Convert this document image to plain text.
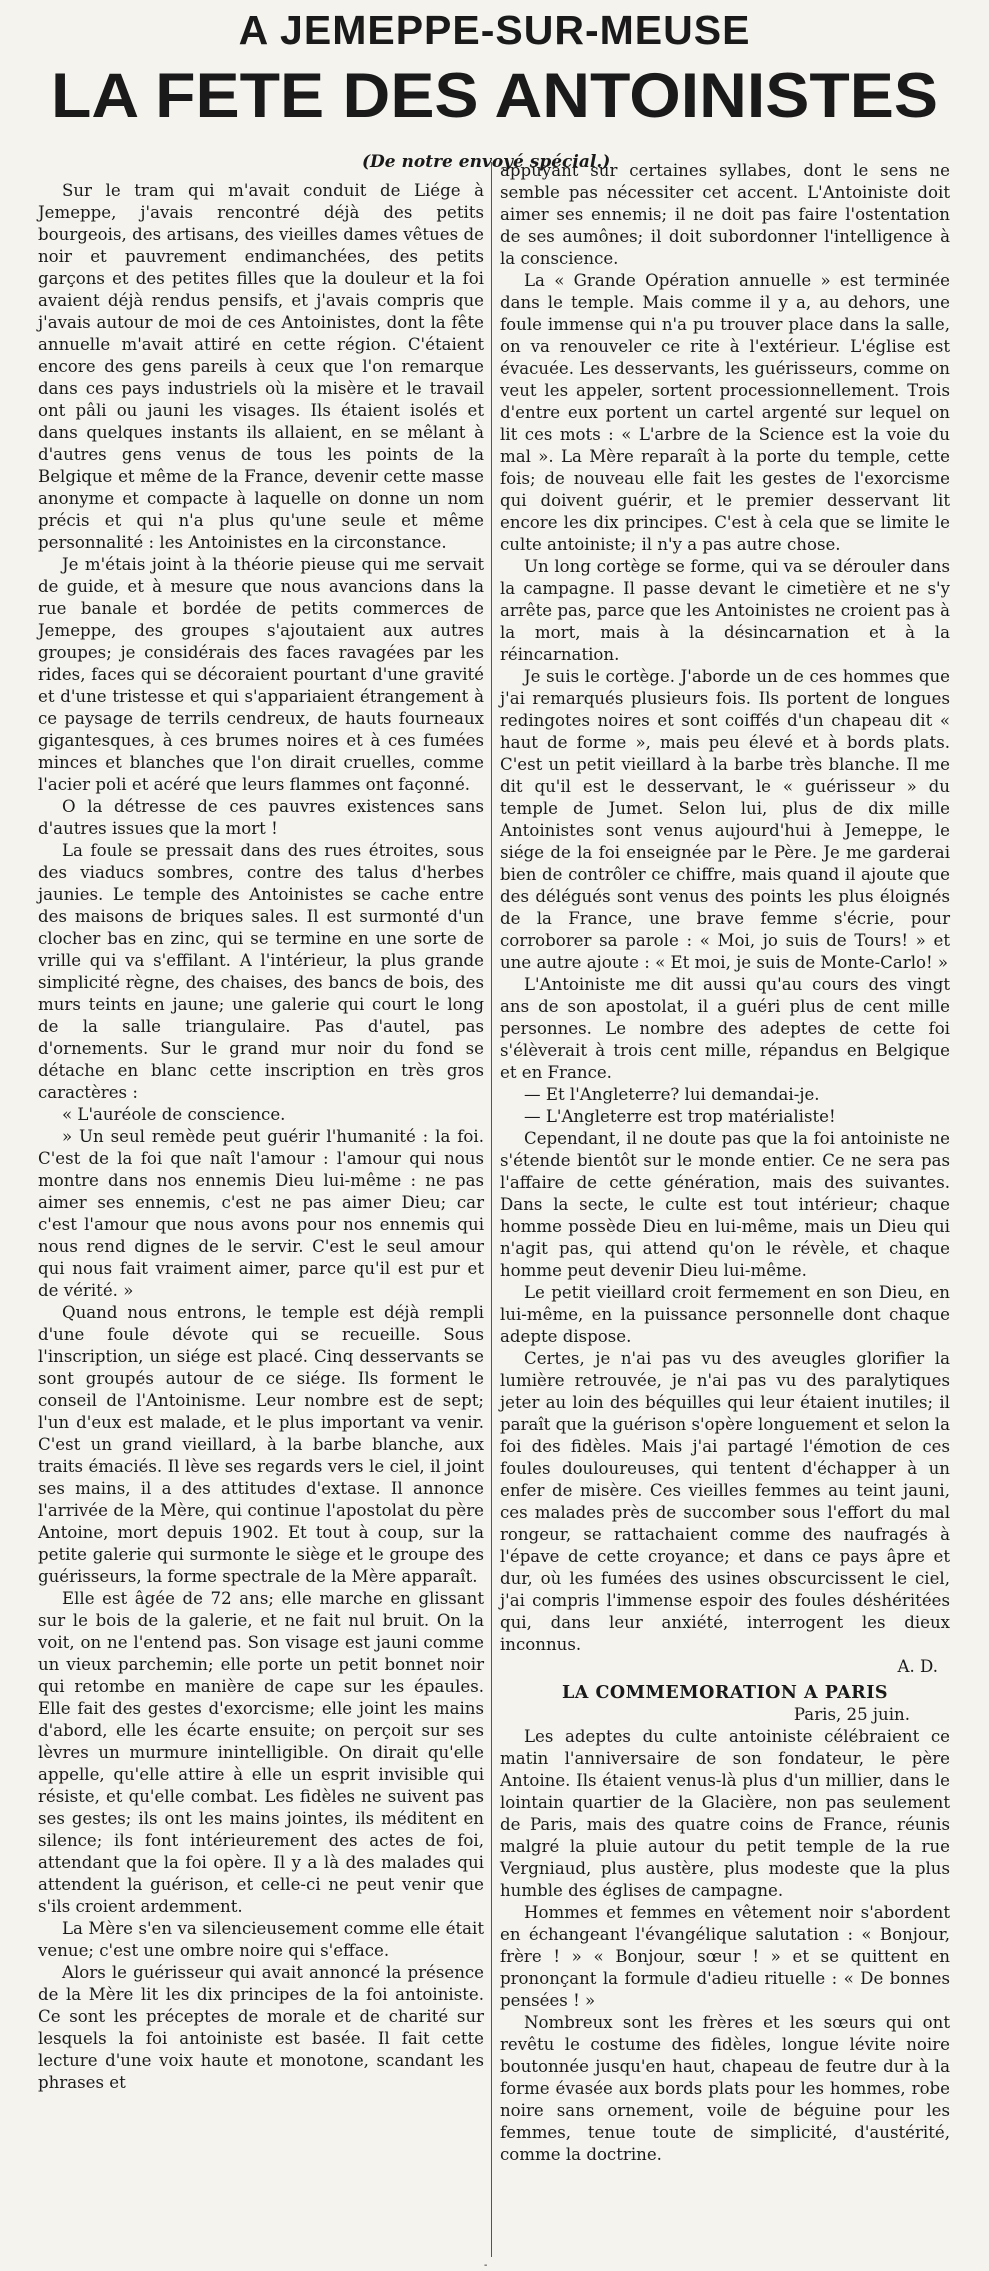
A JEMEPPE-SUR-MEUSE
LA FETE DES ANTOINISTES
(De notre envoyé spécial.)

Sur le tram qui m'avait conduit de Liége à Jemeppe, j'avais rencontré déjà des petits bourgeois, des artisans, des vieilles dames vêtues de noir et pauvrement endimanchées, des petits garçons et des petites filles que la douleur et la foi avaient déjà rendus pensifs, et j'avais compris que j'avais autour de moi de ces Antoinistes, dont la fête annuelle m'avait attiré en cette région. C'étaient encore des gens pareils à ceux que l'on remarque dans ces pays industriels où la misère et le travail ont pâli ou jauni les visages. Ils étaient isolés et dans quelques instants ils allaient, en se mêlant à d'autres gens venus de tous les points de la Belgique et même de la France, devenir cette masse anonyme et compacte à laquelle on donne un nom précis et qui n'a plus qu'une seule et même personnalité : les Antoinistes en la circonstance.

Je m'étais joint à la théorie pieuse qui me servait de guide, et à mesure que nous avancions dans la rue banale et bordée de petits commerces de Jemeppe, des groupes s'ajoutaient aux autres groupes; je considérais des faces ravagées par les rides, faces qui se décoraient pourtant d'une gravité et d'une tristesse et qui s'appariaient étrangement à ce paysage de terrils cendreux, de hauts fourneaux gigantesques, à ces brumes noires et à ces fumées minces et blanches que l'on dirait cruelles, comme l'acier poli et acéré que leurs flammes ont façonné.

O la détresse de ces pauvres existences sans d'autres issues que la mort !

La foule se pressait dans des rues étroites, sous des viaducs sombres, contre des talus d'herbes jaunies. Le temple des Antoinistes se cache entre des maisons de briques sales. Il est surmonté d'un clocher bas en zinc, qui se termine en une sorte de vrille qui va s'effilant. A l'intérieur, la plus grande simplicité règne, des chaises, des bancs de bois, des murs teints en jaune; une galerie qui court le long de la salle triangulaire. Pas d'autel, pas d'ornements. Sur le grand mur noir du fond se détache en blanc cette inscription en très gros caractères :

« L'auréole de conscience.

» Un seul remède peut guérir l'humanité : la foi. C'est de la foi que naît l'amour : l'amour qui nous montre dans nos ennemis Dieu lui-même : ne pas aimer ses ennemis, c'est ne pas aimer Dieu; car c'est l'amour que nous avons pour nos ennemis qui nous rend dignes de le servir. C'est le seul amour qui nous fait vraiment aimer, parce qu'il est pur et de vérité. »

Quand nous entrons, le temple est déjà rempli d'une foule dévote qui se recueille. Sous l'inscription, un siége est placé. Cinq desservants se sont groupés autour de ce siége. Ils forment le conseil de l'Antoinisme. Leur nombre est de sept; l'un d'eux est malade, et le plus important va venir. C'est un grand vieillard, à la barbe blanche, aux traits émaciés. Il lève ses regards vers le ciel, il joint ses mains, il a des attitudes d'extase. Il annonce l'arrivée de la Mère, qui continue l'apostolat du père Antoine, mort depuis 1902. Et tout à coup, sur la petite galerie qui surmonte le siège et le groupe des guérisseurs, la forme spectrale de la Mère apparaît.

Elle est âgée de 72 ans; elle marche en glissant sur le bois de la galerie, et ne fait nul bruit. On la voit, on ne l'entend pas. Son visage est jauni comme un vieux parchemin; elle porte un petit bonnet noir qui retombe en manière de cape sur les épaules. Elle fait des gestes d'exorcisme; elle joint les mains d'abord, elle les écarte ensuite; on perçoit sur ses lèvres un murmure inintelligible. On dirait qu'elle appelle, qu'elle attire à elle un esprit invisible qui résiste, et qu'elle combat. Les fidèles ne suivent pas ses gestes; ils ont les mains jointes, ils méditent en silence; ils font intérieurement des actes de foi, attendant que la foi opère. Il y a là des malades qui attendent la guérison, et celle-ci ne peut venir que s'ils croient ardemment.

La Mère s'en va silencieusement comme elle était venue; c'est une ombre noire qui s'efface.

Alors le guérisseur qui avait annoncé la présence de la Mère lit les dix principes de la foi antoiniste. Ce sont les préceptes de morale et de charité sur lesquels la foi antoiniste est basée. Il fait cette lecture d'une voix haute et monotone, scandant les phrases et

appuyant sur certaines syllabes, dont le sens ne semble pas nécessiter cet accent. L'Antoiniste doit aimer ses ennemis; il ne doit pas faire l'ostentation de ses aumônes; il doit subordonner l'intelligence à la conscience.

La « Grande Opération annuelle » est terminée dans le temple. Mais comme il y a, au dehors, une foule immense qui n'a pu trouver place dans la salle, on va renouveler ce rite à l'extérieur. L'église est évacuée. Les desservants, les guérisseurs, comme on veut les appeler, sortent processionnellement. Trois d'entre eux portent un cartel argenté sur lequel on lit ces mots : « L'arbre de la Science est la voie du mal ». La Mère reparaît à la porte du temple, cette fois; de nouveau elle fait les gestes de l'exorcisme qui doivent guérir, et le premier desservant lit encore les dix principes. C'est à cela que se limite le culte antoiniste; il n'y a pas autre chose.

Un long cortège se forme, qui va se dérouler dans la campagne. Il passe devant le cimetière et ne s'y arrête pas, parce que les Antoinistes ne croient pas à la mort, mais à la désincarnation et à la réincarnation.

Je suis le cortège. J'aborde un de ces hommes que j'ai remarqués plusieurs fois. Ils portent de longues redingotes noires et sont coiffés d'un chapeau dit « haut de forme », mais peu élevé et à bords plats. C'est un petit vieillard à la barbe très blanche. Il me dit qu'il est le desservant, le « guérisseur » du temple de Jumet. Selon lui, plus de dix mille Antoinistes sont venus aujourd'hui à Jemeppe, le siége de la foi enseignée par le Père. Je me garderai bien de contrôler ce chiffre, mais quand il ajoute que des délégués sont venus des points les plus éloignés de la France, une brave femme s'écrie, pour corroborer sa parole : « Moi, jo suis de Tours! » et une autre ajoute : « Et moi, je suis de Monte-Carlo! »

L'Antoiniste me dit aussi qu'au cours des vingt ans de son apostolat, il a guéri plus de cent mille personnes. Le nombre des adeptes de cette foi s'élèverait à trois cent mille, répandus en Belgique et en France.

— Et l'Angleterre? lui demandai-je.

— L'Angleterre est trop matérialiste!

Cependant, il ne doute pas que la foi antoiniste ne s'étende bientôt sur le monde entier. Ce ne sera pas l'affaire de cette génération, mais des suivantes. Dans la secte, le culte est tout intérieur; chaque homme possède Dieu en lui-même, mais un Dieu qui n'agit pas, qui attend qu'on le révèle, et chaque homme peut devenir Dieu lui-même.

Le petit vieillard croit fermement en son Dieu, en lui-même, en la puissance personnelle dont chaque adepte dispose.

Certes, je n'ai pas vu des aveugles glorifier la lumière retrouvée, je n'ai pas vu des paralytiques jeter au loin des béquilles qui leur étaient inutiles; il paraît que la guérison s'opère longuement et selon la foi des fidèles. Mais j'ai partagé l'émotion de ces foules douloureuses, qui tentent d'échapper à un enfer de misère. Ces vieilles femmes au teint jauni, ces malades près de succomber sous l'effort du mal rongeur, se rattachaient comme des naufragés à l'épave de cette croyance; et dans ce pays âpre et dur, où les fumées des usines obscurcissent le ciel, j'ai compris l'immense espoir des foules déshéritées qui, dans leur anxiété, interrogent les dieux inconnus.

A. D.

LA COMMEMORATION A PARIS

Paris, 25 juin.

Les adeptes du culte antoiniste célébraient ce matin l'anniversaire de son fondateur, le père Antoine. Ils étaient venus-là plus d'un millier, dans le lointain quartier de la Glacière, non pas seulement de Paris, mais des quatre coins de France, réunis malgré la pluie autour du petit temple de la rue Vergniaud, plus austère, plus modeste que la plus humble des églises de campagne.

Hommes et femmes en vêtement noir s'abordent en échangeant l'évangélique salutation : « Bonjour, frère ! » « Bonjour, sœur ! » et se quittent en prononçant la formule d'adieu rituelle : « De bonnes pensées ! »

Nombreux sont les frères et les sœurs qui ont revêtu le costume des fidèles, longue lévite noire boutonnée jusqu'en haut, chapeau de feutre dur à la forme évasée aux bords plats pour les hommes, robe noire sans ornement, voile de béguine pour les femmes, tenue toute de simplicité, d'austérité, comme la doctrine.

-
